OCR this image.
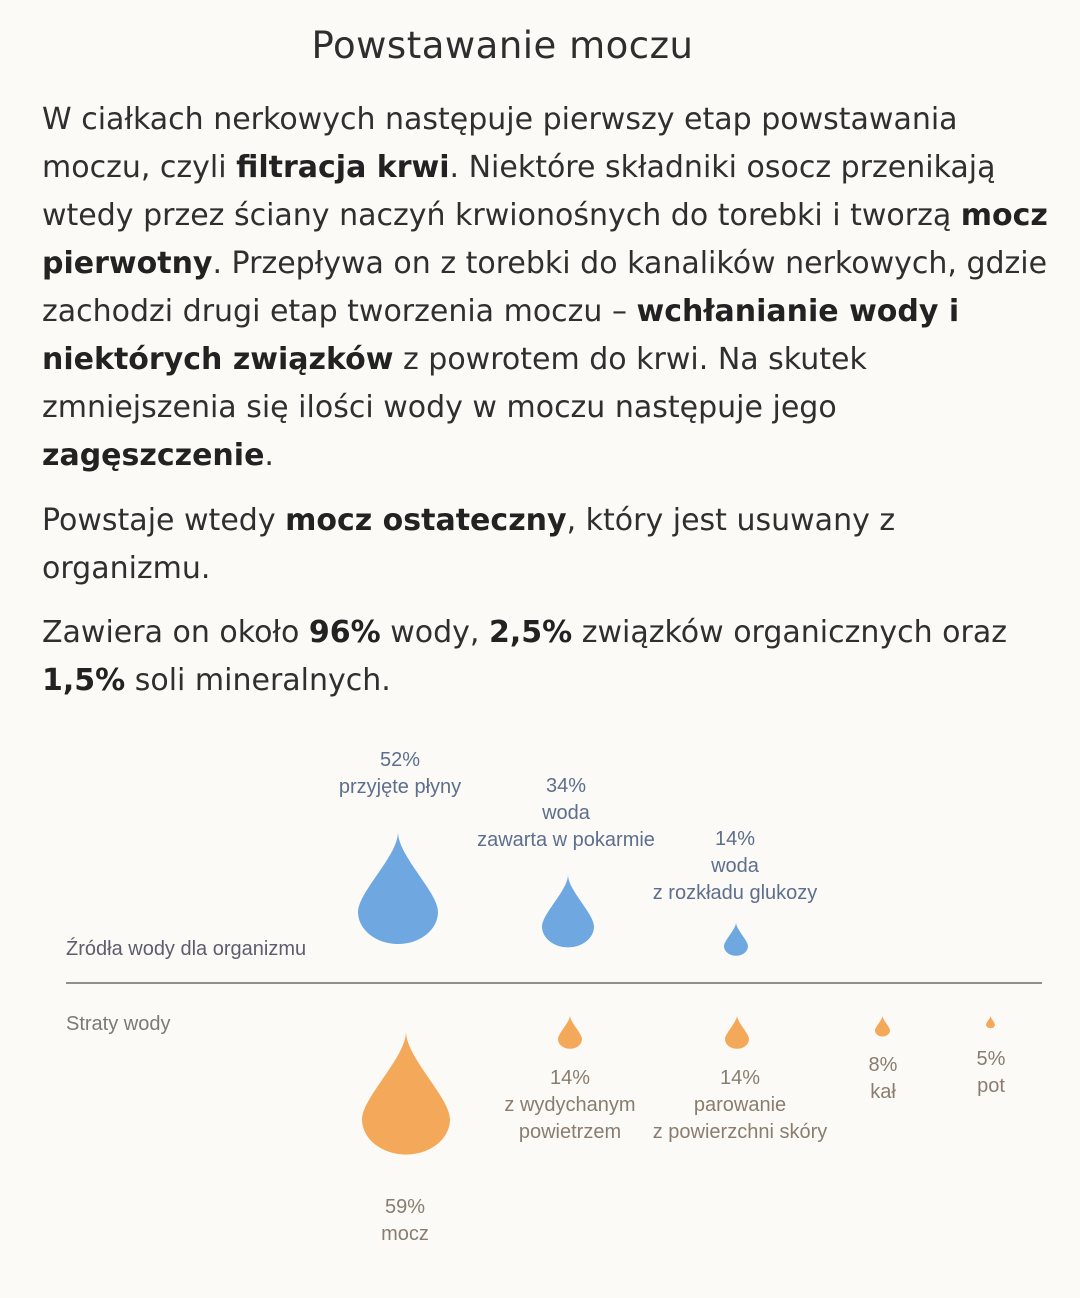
Powstawanie moczu

W ciałkach nerkowych następuje pierwszy etap powstawania moczu, czyli filtracja krwi. Niektóre składniki osocz przenikają wtedy przez ściany naczyń krwionośnych do torebki i tworzą mocz pierwotny. Przepływa on z torebki do kanalików nerkowych, gdzie zachodzi drugi etap tworzenia moczu – wchłanianie wody i niektórych związków z powrotem do krwi. Na skutek zmniejszenia się ilości wody w moczu następuje jego zagęszczenie.

Powstaje wtedy mocz ostateczny, który jest usuwany z organizmu.

Zawiera on około 96% wody, 2,5% związków organicznych oraz 1,5% soli mineralnych.

52%
przyjęte płyny	34%
woda
zawarta w pokarmie	14%
woda
z rozkładu glukozy
Źródła wody dla organizmu
Straty wody
14%
z wydychanym
powietrzem
14%
parowanie
z powierzchni skóry
8%
kał
5%
pot
59%
mocz
